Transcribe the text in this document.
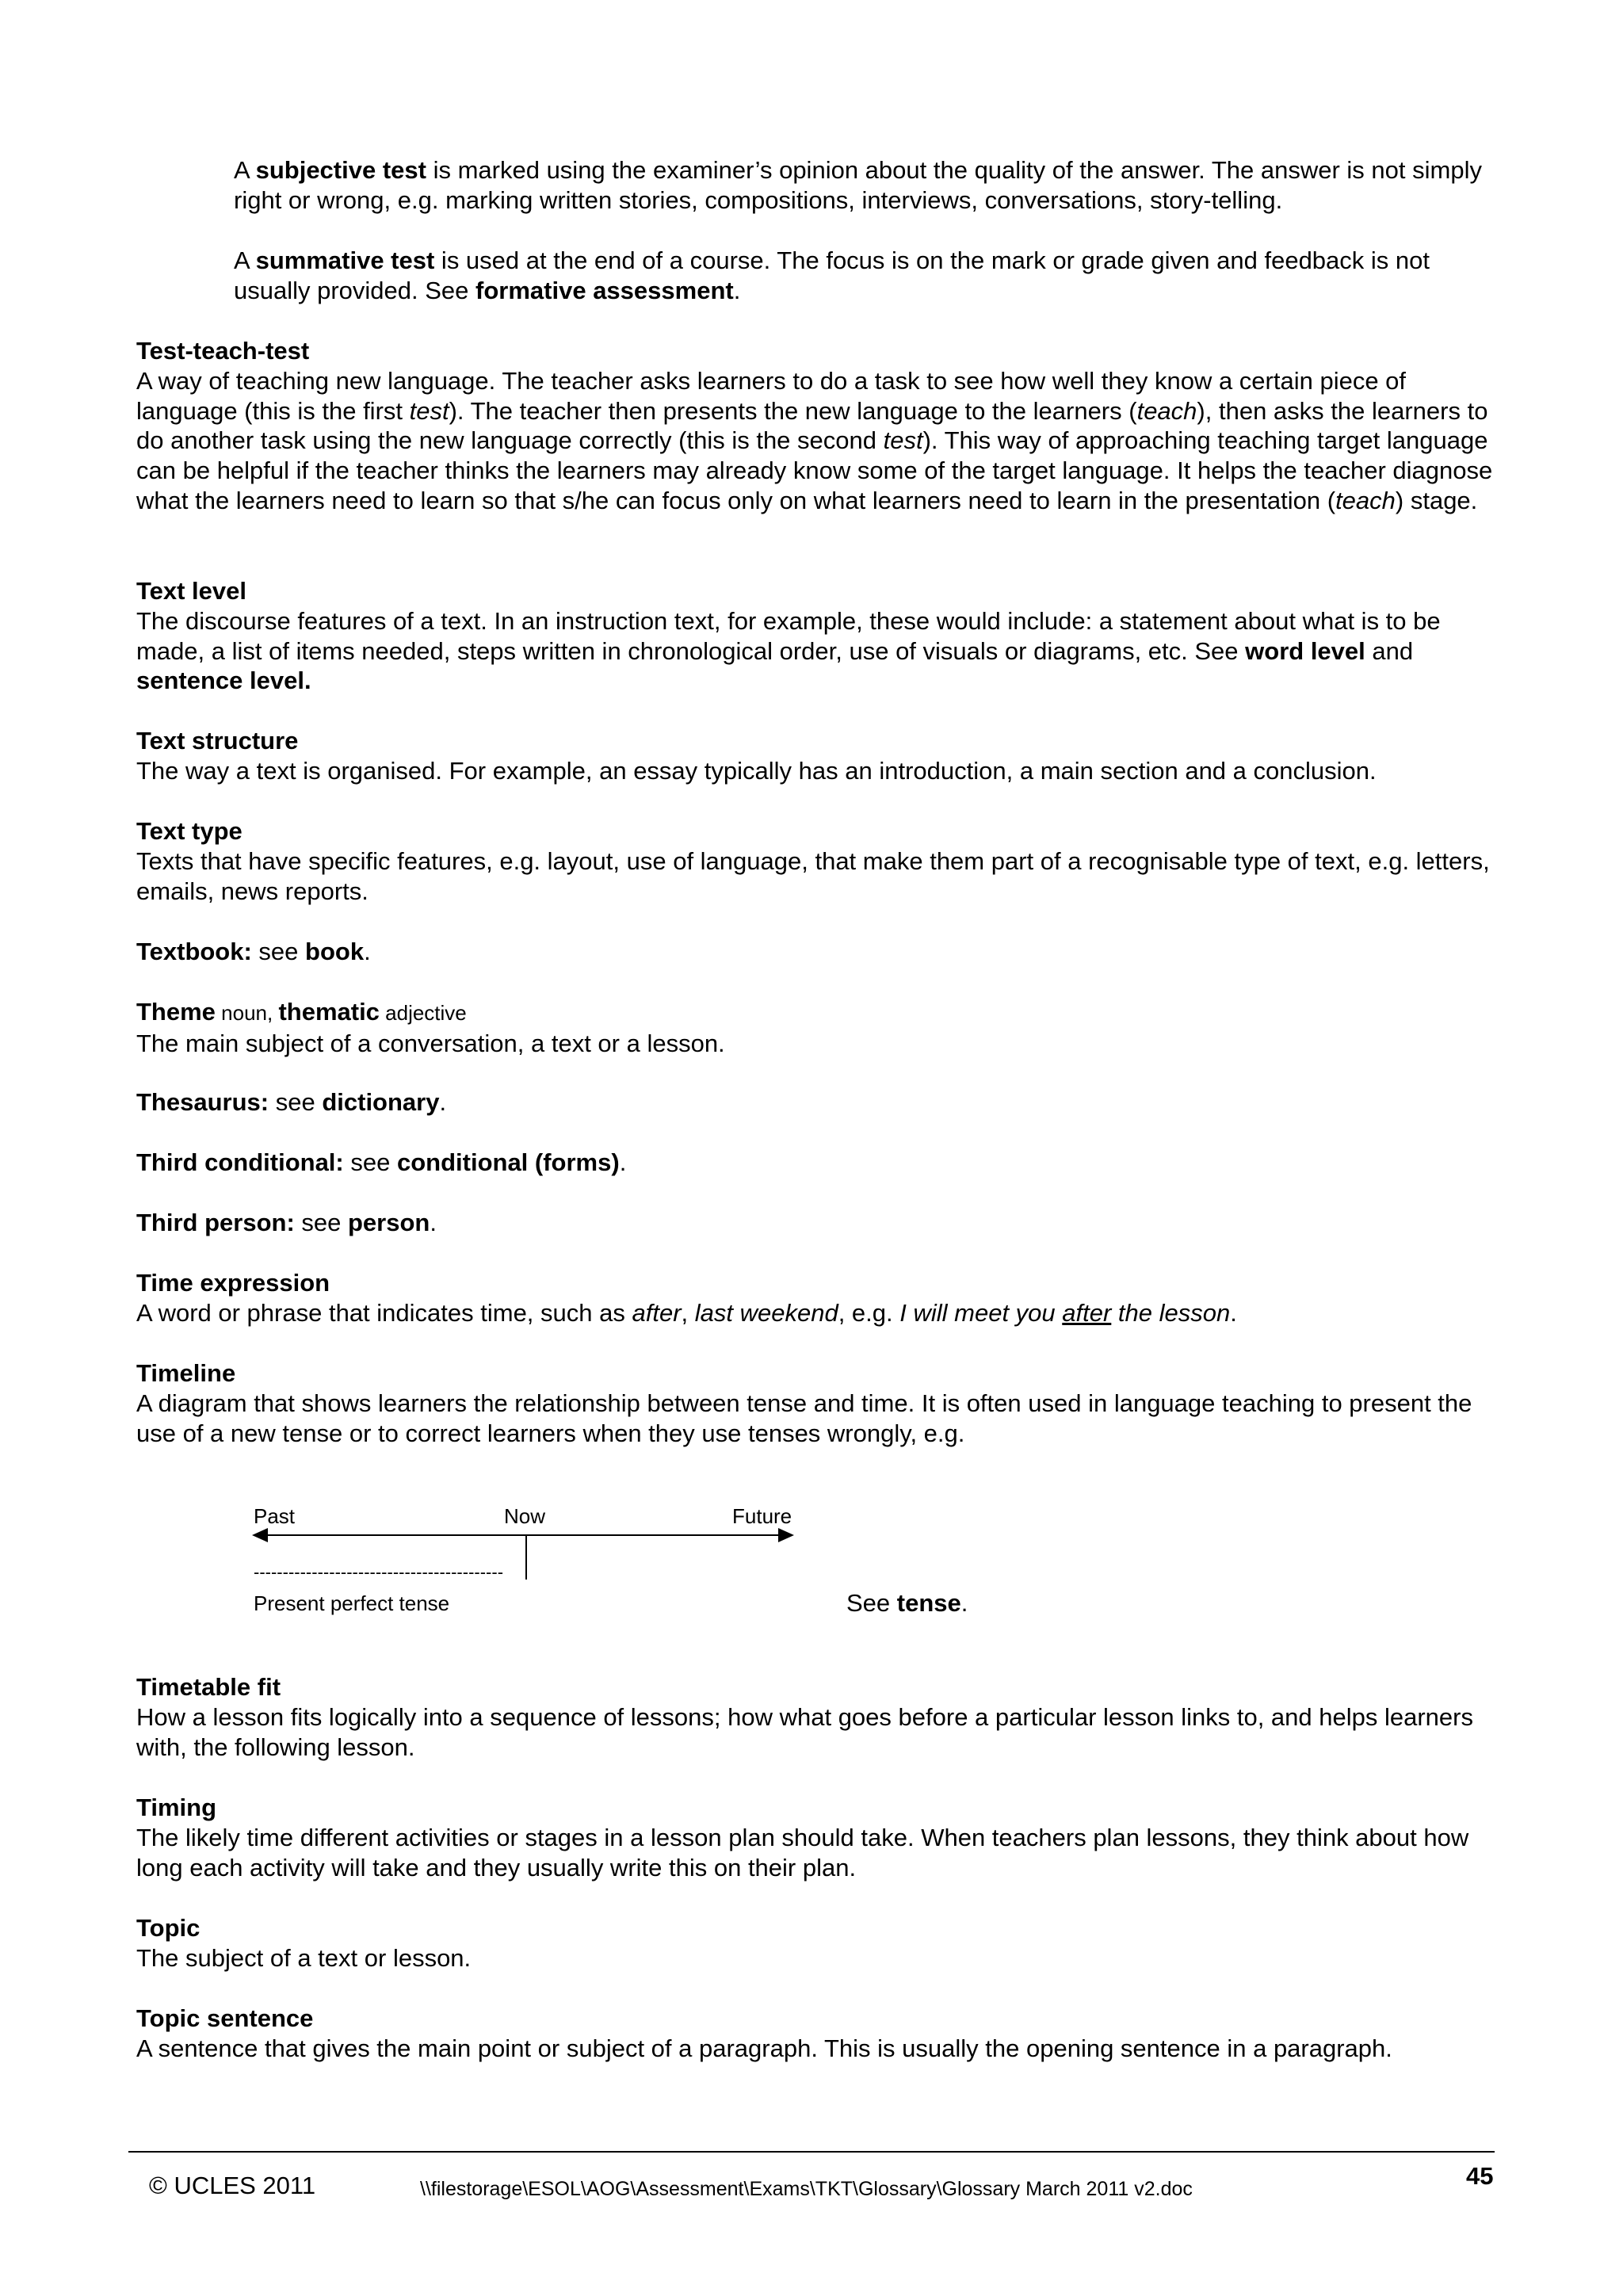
A subjective test is marked using the examiner’s opinion about the quality of the answer. The answer is not simply right or wrong, e.g. marking written stories, compositions, interviews, conversations, story-telling.

A summative test is used at the end of a course. The focus is on the mark or grade given and feedback is not usually provided. See formative assessment.

Test-teach-test
A way of teaching new language. The teacher asks learners to do a task to see how well they know a certain piece of language (this is the first test). The teacher then presents the new language to the learners (teach), then asks the learners to do another task using the new language correctly (this is the second test). This way of approaching teaching target language can be helpful if the teacher thinks the learners may already know some of the target language. It helps the teacher diagnose what the learners need to learn so that s/he can focus only on what learners need to learn in the presentation (teach) stage.
Text level
The discourse features of a text. In an instruction text, for example, these would include: a statement about what is to be made, a list of items needed, steps written in chronological order, use of visuals or diagrams, etc. See word level and sentence level.
Text structure
The way a text is organised. For example, an essay typically has an introduction, a main section and a conclusion.
Text type
Texts that have specific features, e.g. layout, use of language, that make them part of a recognisable type of text, e.g. letters, emails, news reports.
Textbook: see book.
Theme noun, thematic adjective
The main subject of a conversation, a text or a lesson.
Thesaurus: see dictionary.
Third conditional: see conditional (forms).
Third person: see person.
Time expression
A word or phrase that indicates time, such as after, last weekend, e.g. I will meet you after the lesson.
Timeline
A diagram that shows learners the relationship between tense and time. It is often used in language teaching to present the use of a new tense or to correct learners when they use tenses wrongly, e.g.
Past	Now	Future
-------------------------------------------
Present perfect tense	See tense.
Timetable fit
How a lesson fits logically into a sequence of lessons; how what goes before a particular lesson links to, and helps learners with, the following lesson.
Timing
The likely time different activities or stages in a lesson plan should take. When teachers plan lessons, they think about how long each activity will take and they usually write this on their plan.
Topic
The subject of a text or lesson.
Topic sentence
A sentence that gives the main point or subject of a paragraph. This is usually the opening sentence in a paragraph.
© UCLES 2011	\\filestorage\ESOL\AOG\Assessment\Exams\TKT\Glossary\Glossary March 2011 v2.doc	45
